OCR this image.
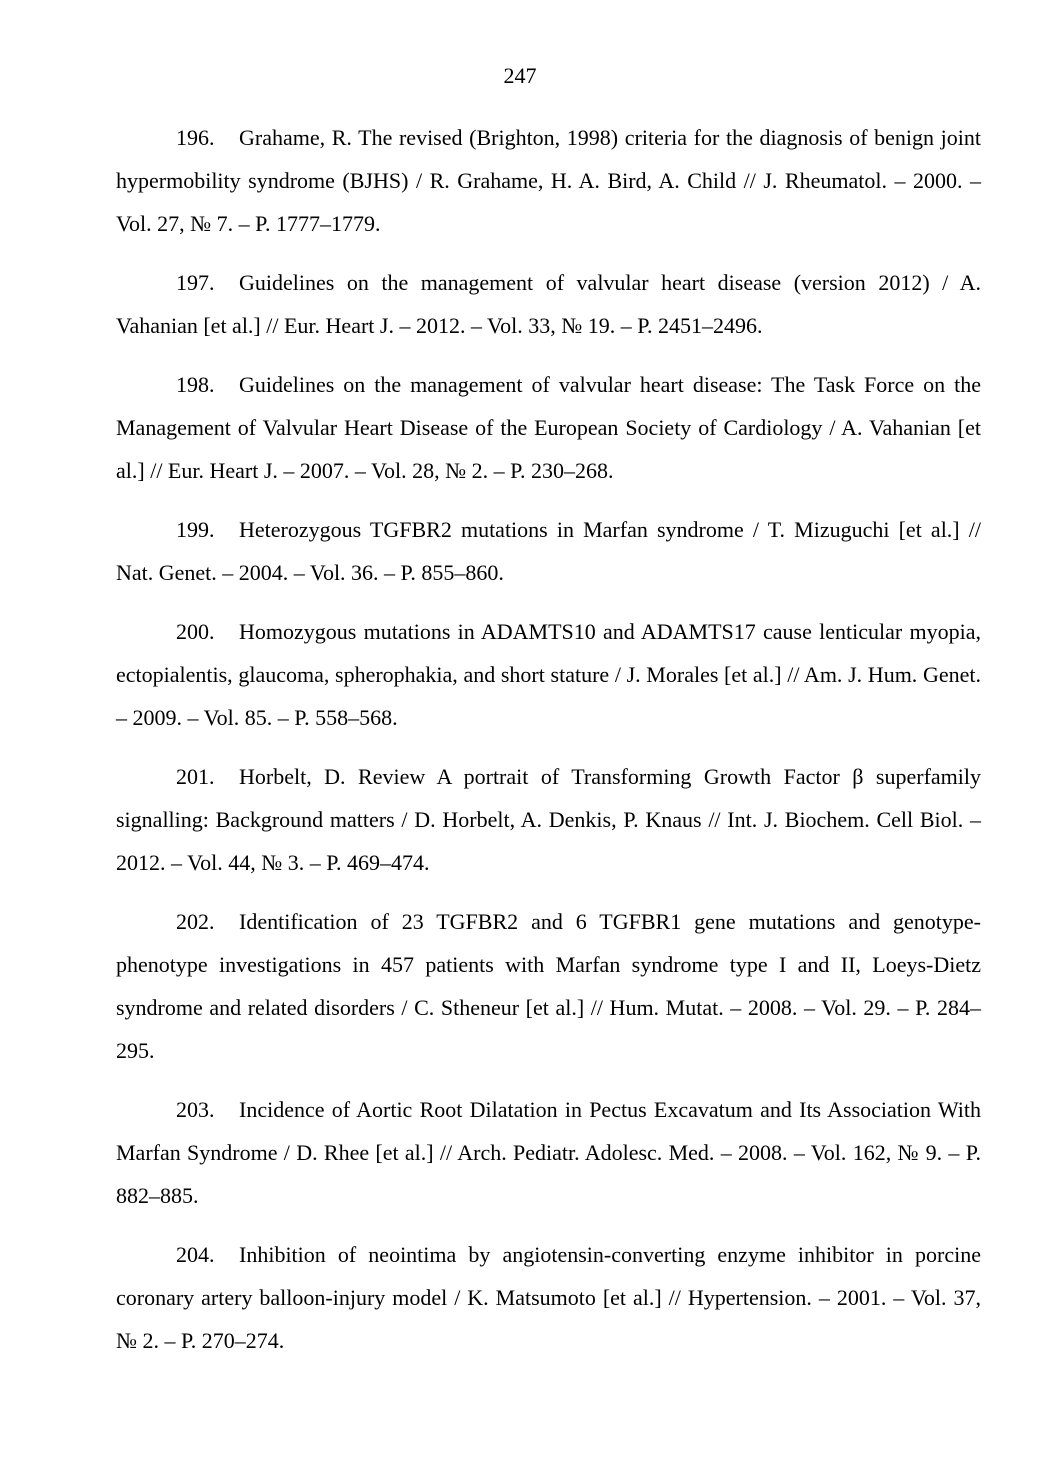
247
196. Grahame, R. The revised (Brighton, 1998) criteria for the diagnosis of benign joint hypermobility syndrome (BJHS) / R. Grahame, H. A. Bird, A. Child // J. Rheumatol. – 2000. – Vol. 27, № 7. – P. 1777–1779.
197. Guidelines on the management of valvular heart disease (version 2012) / A. Vahanian [et al.] // Eur. Heart J. – 2012. – Vol. 33, № 19. – P. 2451–2496.
198. Guidelines on the management of valvular heart disease: The Task Force on the Management of Valvular Heart Disease of the European Society of Cardiology / A. Vahanian [et al.] // Eur. Heart J. – 2007. – Vol. 28, № 2. – P. 230–268.
199. Heterozygous TGFBR2 mutations in Marfan syndrome / T. Mizuguchi [et al.] // Nat. Genet. – 2004. – Vol. 36. – P. 855–860.
200. Homozygous mutations in ADAMTS10 and ADAMTS17 cause lenticular myopia, ectopialentis, glaucoma, spherophakia, and short stature / J. Morales [et al.] // Am. J. Hum. Genet. – 2009. – Vol. 85. – P. 558–568.
201. Horbelt, D. Review A portrait of Transforming Growth Factor β superfamily signalling: Background matters / D. Horbelt, A. Denkis, P. Knaus // Int. J. Biochem. Cell Biol. – 2012. – Vol. 44, № 3. – P. 469–474.
202. Identification of 23 TGFBR2 and 6 TGFBR1 gene mutations and genotype-phenotype investigations in 457 patients with Marfan syndrome type I and II, Loeys-Dietz syndrome and related disorders / C. Stheneur [et al.] // Hum. Mutat. – 2008. – Vol. 29. – P. 284–295.
203. Incidence of Aortic Root Dilatation in Pectus Excavatum and Its Association With Marfan Syndrome / D. Rhee [et al.] // Arch. Pediatr. Adolesc. Med. – 2008. – Vol. 162, № 9. – P. 882–885.
204. Inhibition of neointima by angiotensin-converting enzyme inhibitor in porcine coronary artery balloon-injury model / K. Matsumoto [et al.] // Hypertension. – 2001. – Vol. 37, № 2. – P. 270–274.
